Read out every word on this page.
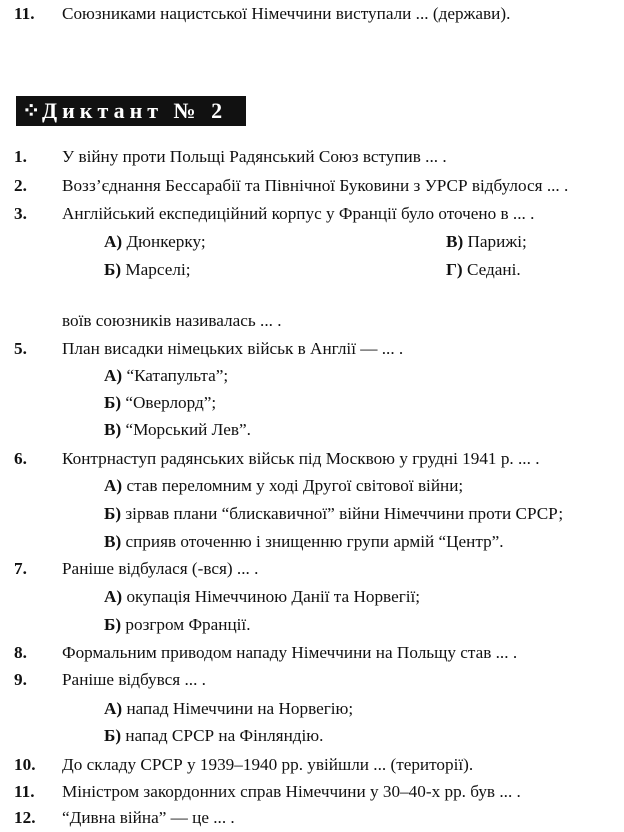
11. Союзниками нацистської Німеччини виступали ... (держави).
⁘ Диктант № 2
1. У війну проти Польщі Радянський Союз вступив ... .
2. Возз’єднання Бессарабії та Північної Буковини з УРСР відбулося ... .
3. Англійський експедиційний корпус у Франції було оточено в ... .
А) Дюнкерку;	В) Парижі;
Б) Марселі;	Г) Седані.
воїв союзників називалась ... .
5. План висадки німецьких військ в Англії — ... .
А) “Катапульта”;
Б) “Оверлорд”;
В) “Морський Лев”.
6. Контрнаступ радянських військ під Москвою у грудні 1941 р. ... .
А) став переломним у ході Другої світової війни;
Б) зірвав плани “блискавичної” війни Німеччини проти СРСР;
В) сприяв оточенню і знищенню групи армій “Центр”.
7. Раніше відбулася (-вся) ... .
А) окупація Німеччиною Данії та Норвегії;
Б) розгром Франції.
8. Формальним приводом нападу Німеччини на Польщу став ... .
9. Раніше відбувся ... .
А) напад Німеччини на Норвегію;
Б) напад СРСР на Фінляндію.
10. До складу СРСР у 1939–1940 рр. увійшли ... (території).
11. Міністром закордонних справ Німеччини у 30–40-х рр. був ... .
12. “Дивна війна” — це ... .
